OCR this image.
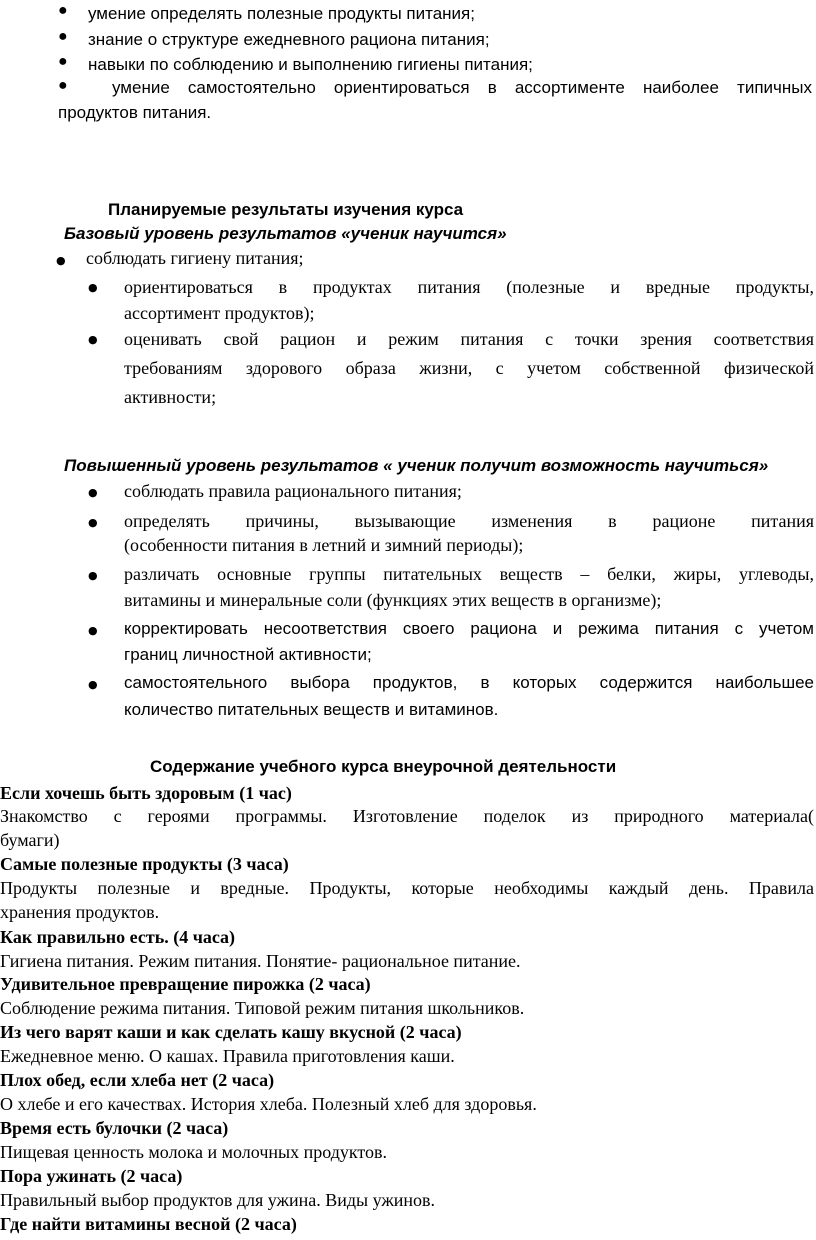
● умение определять полезные продукты питания;
● знание о структуре ежедневного рациона питания;
● навыки по соблюдению и выполнению гигиены питания;
●	умение самостоятельно ориентироваться в ассортименте наиболее типичных
продуктов питания.
Планируемые результаты изучения курса
Базовый уровень результатов «ученик научится»
● соблюдать гигиену питания;
● ориентироваться в продуктах питания (полезные и вредные продукты,
ассортимент продуктов);
● оценивать свой рацион и режим питания с точки зрения соответствия
требованиям здорового образа жизни, с учетом собственной физической
активности;
Повышенный уровень результатов « ученик получит возможность научиться»
● соблюдать правила рационального питания;
● определять причины, вызывающие изменения в рационе питания
(особенности питания в летний и зимний периоды);
● различать основные группы питательных веществ – белки, жиры, углеводы,
витамины и минеральные соли (функциях этих веществ в организме);
● корректировать несоответствия своего рациона и режима питания с учетом
границ личностной активности;
● самостоятельного выбора продуктов, в которых содержится наибольшее
количество питательных веществ и витаминов.
Содержание учебного курса внеурочной деятельности
Если хочешь быть здоровым (1 час)
Знакомство с героями программы. Изготовление поделок из природного материала(
бумаги)
Самые полезные продукты (3 часа)
Продукты полезные и вредные. Продукты, которые необходимы каждый день. Правила
хранения продуктов.
Как правильно есть. (4 часа)
Гигиена питания. Режим питания. Понятие- рациональное питание.
Удивительное превращение пирожка (2 часа)
Соблюдение режима питания. Типовой режим питания школьников.
Из чего варят каши и как сделать кашу вкусной (2 часа)
Ежедневное меню. О кашах. Правила приготовления каши.
Плох обед, если хлеба нет (2 часа)
О хлебе и его качествах. История хлеба. Полезный хлеб для здоровья.
Время есть булочки (2 часа)
Пищевая ценность молока и молочных продуктов.
Пора ужинать (2 часа)
Правильный выбор продуктов для ужина. Виды ужинов.
Где найти витамины весной (2 часа)
